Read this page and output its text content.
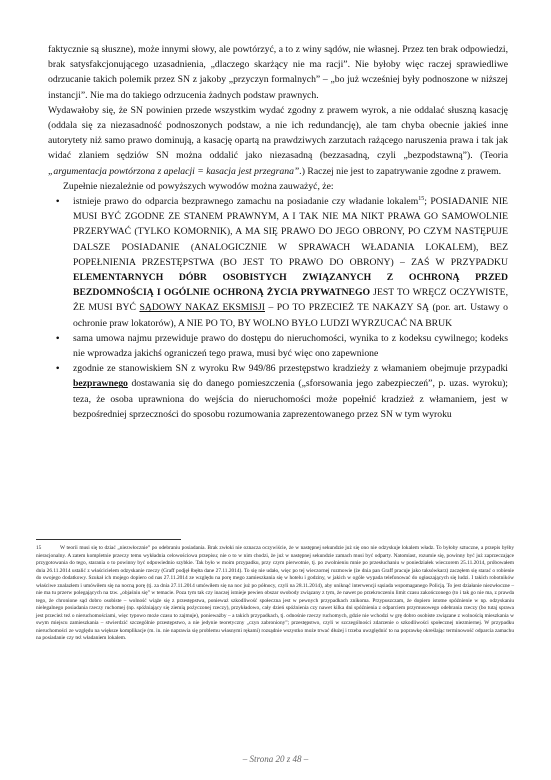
faktycznie są słuszne), może innymi słowy, ale powtórzyć, a to z winy sądów, nie własnej. Przez ten brak odpowiedzi, brak satysfakcjonującego uzasadnienia, „dlaczego skarżący nie ma racji”. Nie byłoby więc raczej sprawiedliwe odrzucanie takich polemik przez SN z jakoby „przyczyn formalnych” – „bo już wcześniej były podnoszone w niższej instancji”. Nie ma do takiego odrzucenia żadnych podstaw prawnych.

Wydawałoby się, że SN powinien przede wszystkim wydać zgodny z prawem wyrok, a nie oddalać słuszną kasację (oddala się za niezasadność podnoszonych podstaw, a nie ich redundancję), ale tam chyba obecnie jakieś inne autorytety niż samo prawo dominują, a kasację opartą na prawdziwych zarzutach rażącego naruszenia prawa i tak jak widać zlaniem sędziów SN można oddalić jako niezasadną (bezzasadną, czyli „bezpodstawną”). (Teoria „argumentacja powtórzona z apelacji = kasacja jest przegrana”.) Raczej nie jest to zapatrywanie zgodne z prawem.

Zupełnie niezależnie od powyższych wywodów można zauważyć, że:

• istnieje prawo do odparcia bezprawnego zamachu na posiadanie czy władanie lokalem$^{15}$; POSIADANIE NIE MUSI BYĆ ZGODNE ZE STANEM PRAWNYM, A I TAK NIE MA NIKT PRAWA GO SAMOWOLNIE PRZERYWAĆ (TYLKO KOMORNIK), A MA SIĘ PRAWO DO JEGO OBRONY, PO CZYM NASTĘPUJE DALSZE POSIADANIE (ANALOGICZNIE W SPRAWACH WŁADANIA LOKALEM), BEZ POPEŁNIENIA PRZESTĘPSTWA (BO JEST TO PRAWO DO OBRONY) – ZAŚ W PRZYPADKU ELEMENTARNYCH DÓBR OSOBISTYCH ZWIĄZANYCH Z OCHRONĄ PRZED BEZDOMNOŚCIĄ I OGÓLNIE OCHRONĄ ŻYCIA PRYWATNEGO JEST TO WRĘCZ OCZYWISTE, ŻE MUSI BYĆ SĄDOWY NAKAZ EKSMISJI – PO TO PRZECIEŻ TE NAKAZY SĄ (por. art. Ustawy o ochronie praw lokatorów), A NIE PO TO, BY WOLNO BYŁO LUDZI WYRZUCAĆ NA BRUK
• sama umowa najmu przewiduje prawo do dostępu do nieruchomości, wynika to z kodeksu cywilnego; kodeks nie wprowadza jakichś ograniczeń tego prawa, musi być więc ono zapewnione
• zgodnie ze stanowiskiem SN z wyroku Rw 949/86 przestępstwo kradzieży z włamaniem obejmuje przypadki bezprawnego dostawania się do danego pomieszczenia („sforsowania jego zabezpieczeń”, p. uzas. wyroku); teza, że osoba uprawniona do wejścia do nieruchomości może popełnić kradzież z włamaniem, jest w bezpośredniej sprzeczności do sposobu rozumowania zaprezentowanego przez SN w tym wyroku
15	W teorii musi się to dziać „niezwłocznie” po odebraniu posiadania. Brak zwłoki nie oznacza oczywiście, że w następnej sekundzie już się ono nie odzyskuje lokalem władz. To byłoby sztuczne, a przepis byłby nieracjonalny. A zatem kompletnie przeczy temu wykładnia celowościowa przepisu; nie o to w nim chodzi, że już w następnej sekundzie zamach musi być odparty. Natomiast, rozumie się, powinny być już zaprzeczające przygotowania do tego, starania o to powinny być odpowiednio szybkie. Tak było w moim przypadku, przy czym pierwotnie, tj. po zwolnieniu mnie po przesłuchaniu w poniedziałek wieczorem 25.11.2014, próbowałem dnia 26.11.2014 ustalić z właścicielem odzyskanie rzeczy (Graff podjęł łbęłta dane 27.11.2014). To się nie udało, więc po tej wieczornej rozmowie (że dnia pan Graff pracuje jako taksówkarz) zaczęłem się starać o robienie do swojego dodatkowy. Szukał ich mojego dopiero od nas 27.11.2014 ze względu na porę mego zamieszkania się w hotelu i godziny, w jakich w ogóle wypada telefonować do ogłaszających się ludzi. I takich robotników właściwe znalazłem i umówiłem się na nocną porę (tj. za dnia 27.11.2014 umówiłem się na noc już po północy, czyli na 28.11.2014), aby uniknąć interwencji sąsiada wspomaganego Policją. To jest działanie niezwłoczne – nie ma tu przerw polegających na tzw. „objaśniu się” w temacie. Poza tym tak czy inaczej istnieje pewien obszar swobody związany z tym, że nawet po przekroczeniu limit czasu zakończonego (to i tak go nie ma, z prawda tego, że chronione sąd dobro osobiste – wolność wiąże się z przestępstwa, ponieważ szkodliwość społeczna jest w pewnych przypadkach znikoma. Przypuszczam, że dopiero istotne spóźnienie w np. odzyskaniu nielegalnego posiadania rzeczy ruchomej (np. spóźniający się ziemią pożyczonej rzeczy), przykładowo, cały dzień spóźnienia czy nawet kilka dni spóźnienia z odparciem przymusowego odebrania rzeczy (bo tutaj sprawa jest przecież też o nieruchomościami, więc typowo może czasu to zajmuje), ponieważby – a takich przypadkach, tj. odnośnie rzeczy ruchomych, gdzie nie wchodzi w grę dobro osobiste związane z wolnością mieszkania w swym miejscu zamieszkania – stwierdzić szczególnie przestępstwo, a nie jedynie teoretyczny „czyn zabroniony”; przestępstwo, czyli w szczególności zdarzenie o szkodliwości społecznej niezmiernej. W przypadku nieruchomości ze względu na większe komplikacje (m. in. nie naprawia się problemu własnymi rękami) rozsądnie wszystko może trwać dłużej i trzeba uwzględnić to na poprawkę określając terminowość odparcia zamachu na posiadanie czy też władaniem lokalem.
– Strona 20 z 48 –
